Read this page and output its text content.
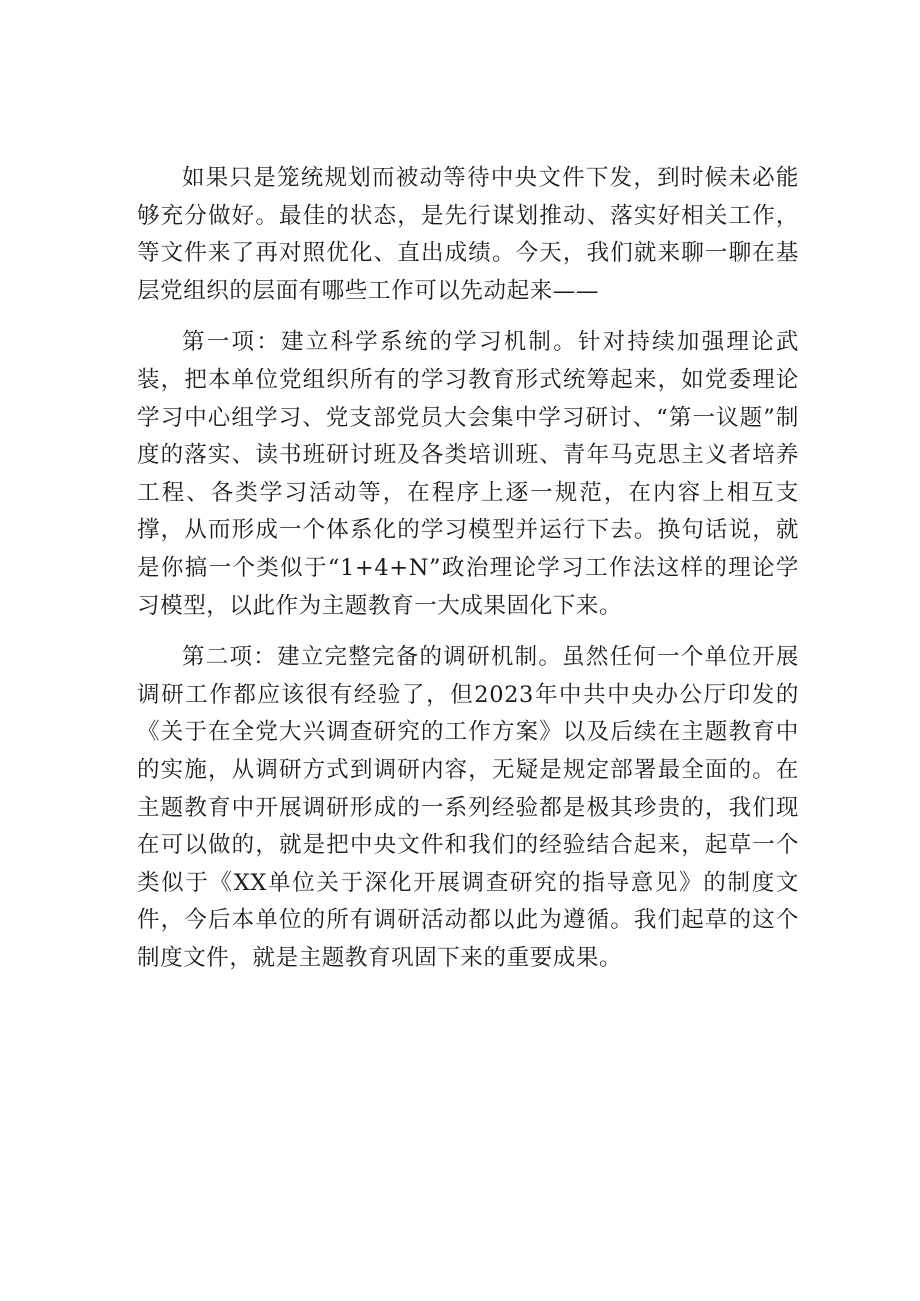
如果只是笼统规划而被动等待中央文件下发，到时候未必能够充分做好。最佳的状态，是先行谋划推动、落实好相关工作，等文件来了再对照优化、直出成绩。今天，我们就来聊一聊在基层党组织的层面有哪些工作可以先动起来——

第一项：建立科学系统的学习机制。针对持续加强理论武装，把本单位党组织所有的学习教育形式统筹起来，如党委理论学习中心组学习、党支部党员大会集中学习研讨、“第一议题”制度的落实、读书班研讨班及各类培训班、青年马克思主义者培养工程、各类学习活动等，在程序上逐一规范，在内容上相互支撑，从而形成一个体系化的学习模型并运行下去。换句话说，就是你搞一个类似于“1+4+N”政治理论学习工作法这样的理论学习模型，以此作为主题教育一大成果固化下来。

第二项：建立完整完备的调研机制。虽然任何一个单位开展调研工作都应该很有经验了，但2023年中共中央办公厅印发的《关于在全党大兴调查研究的工作方案》以及后续在主题教育中的实施，从调研方式到调研内容，无疑是规定部署最全面的。在主题教育中开展调研形成的一系列经验都是极其珍贵的，我们现在可以做的，就是把中央文件和我们的经验结合起来，起草一个类似于《XX单位关于深化开展调查研究的指导意见》的制度文件，今后本单位的所有调研活动都以此为遵循。我们起草的这个制度文件，就是主题教育巩固下来的重要成果。
